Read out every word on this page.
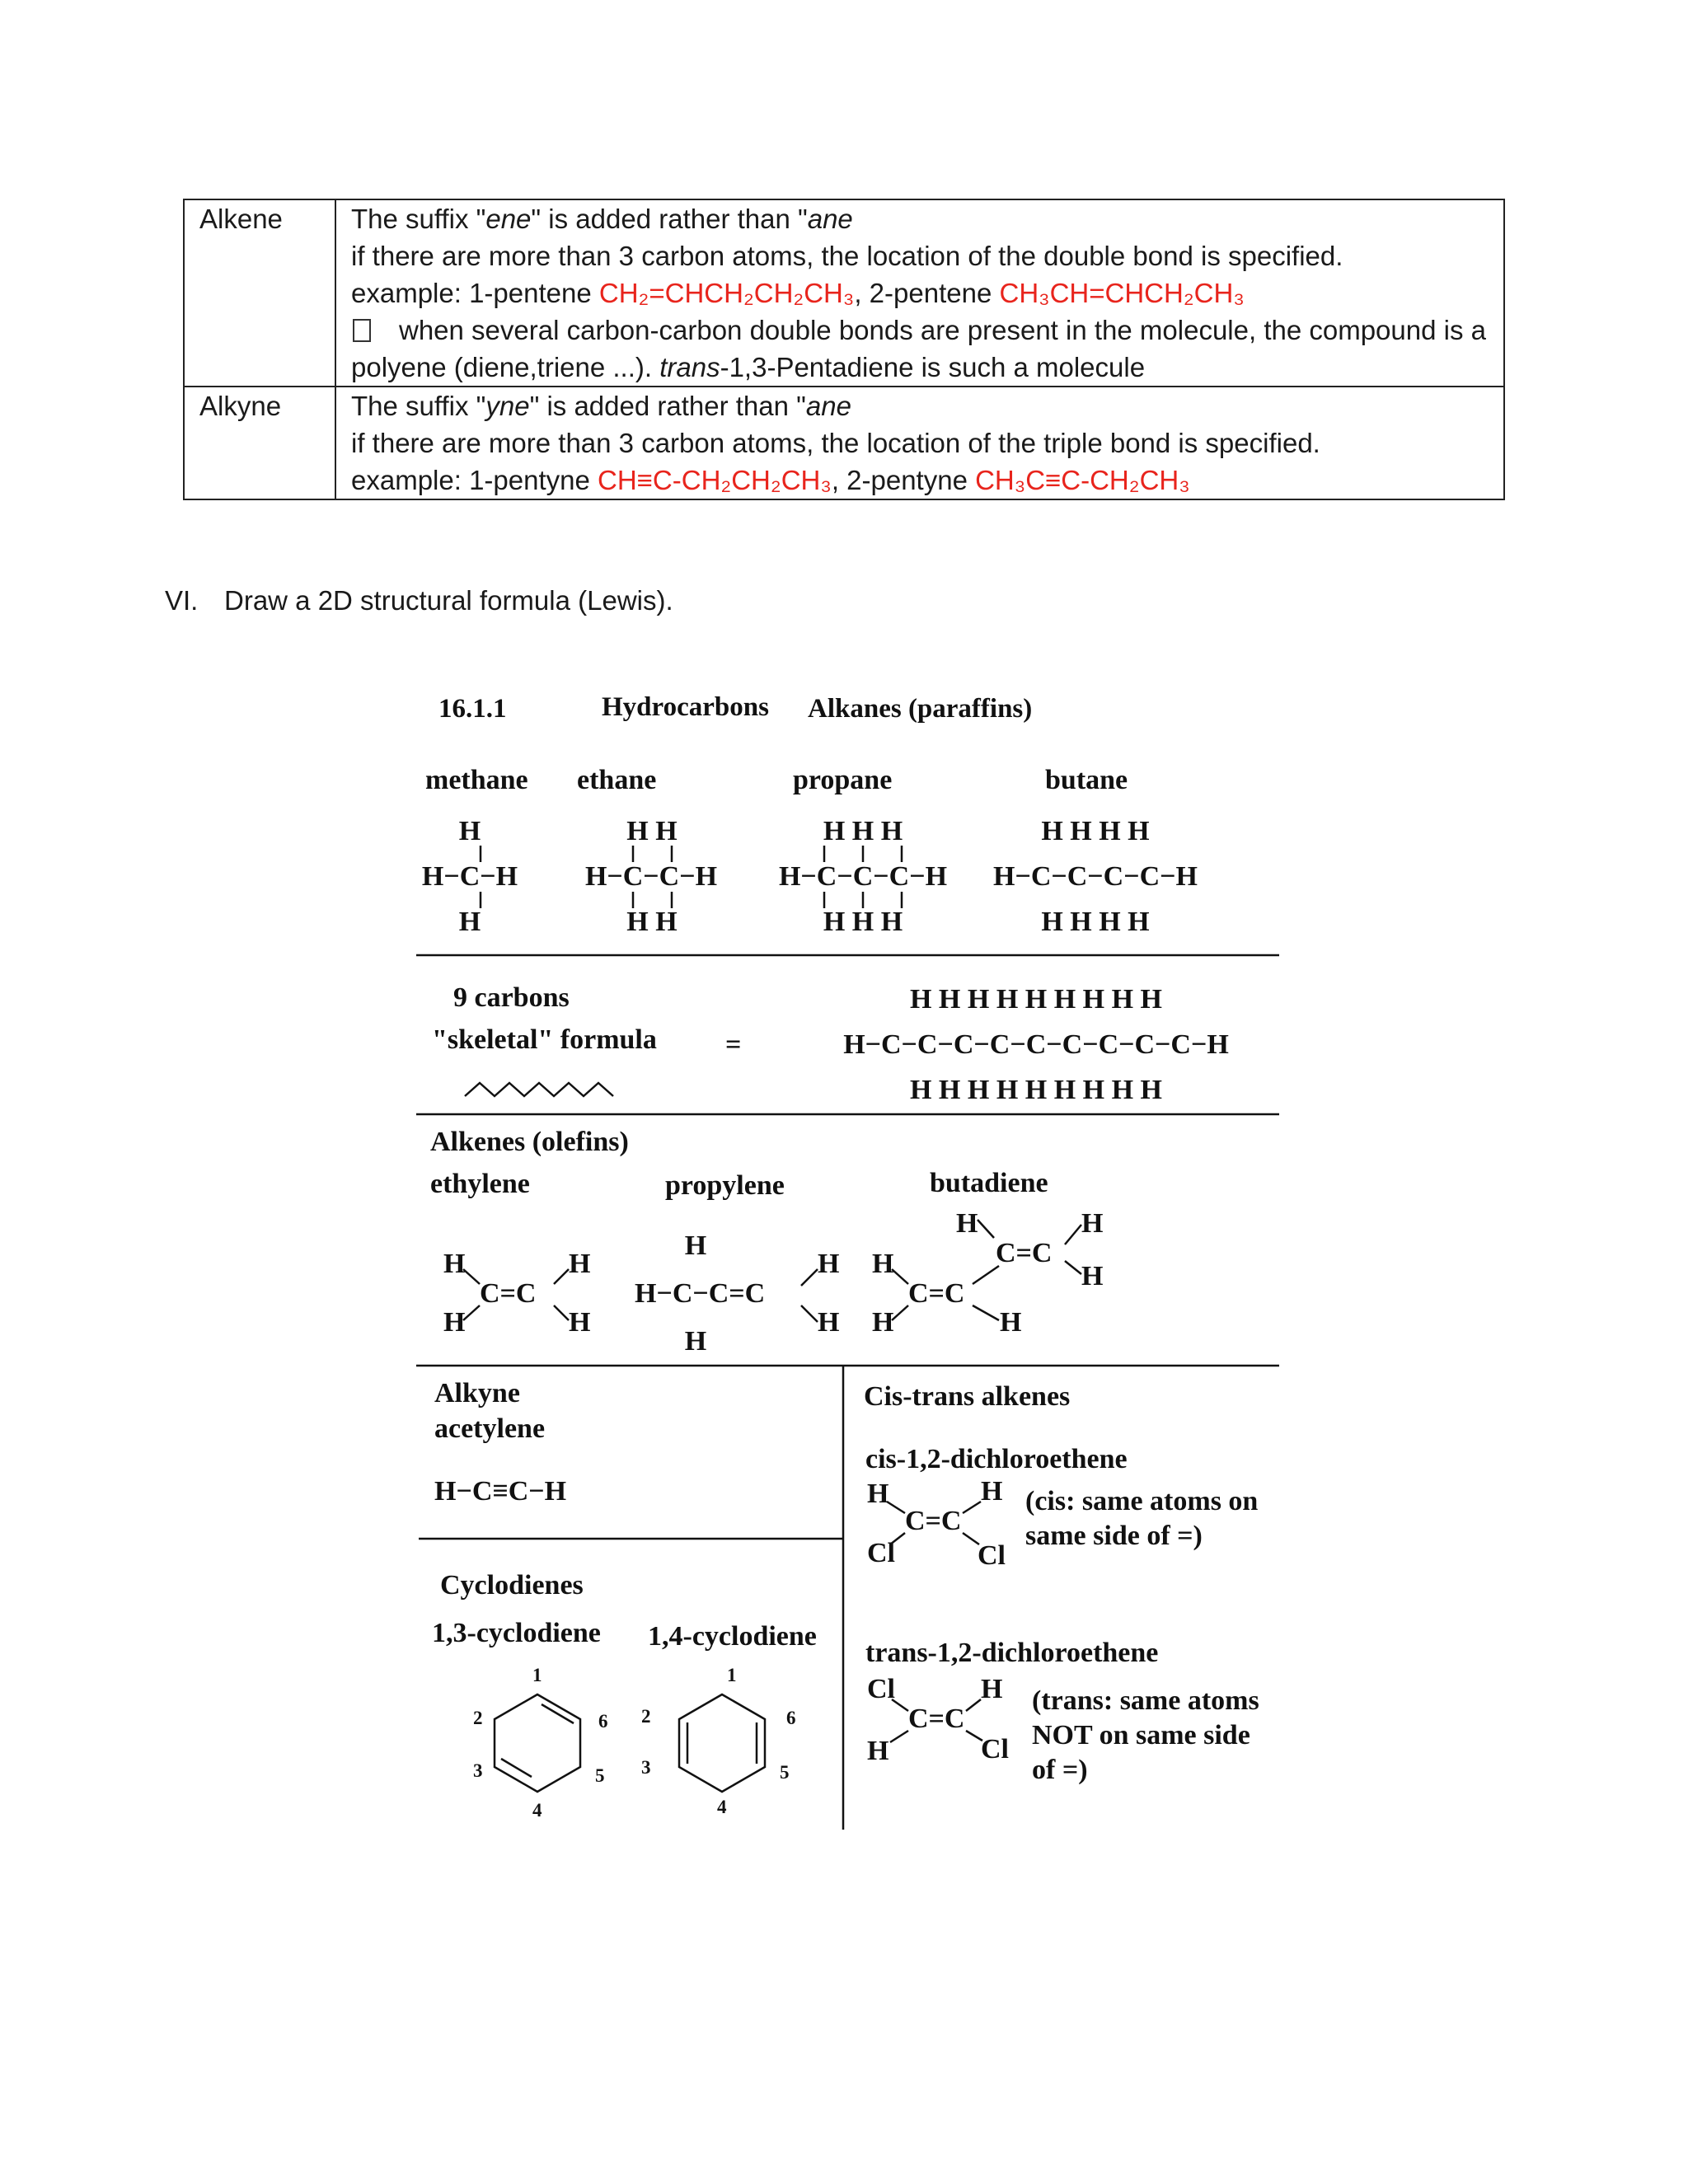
Alkene	The suffix "ene" is added rather than "ane
if there are more than 3 carbon atoms, the location of the double bond is specified.
example: 1-pentene CH₂=CHCH₂CH₂CH₃, 2-pentene CH₃CH=CHCH₂CH₃
when several carbon-carbon double bonds are present in the molecule, the compound is a
polyene (diene,triene ...). trans-1,3-Pentadiene is such a molecule

Alkyne	The suffix "yne" is added rather than "ane
if there are more than 3 carbon atoms, the location of the triple bond is specified.
example: 1-pentyne CH≡C-CH₂CH₂CH₃, 2-pentyne CH₃C≡C-CH₂CH₃
VI. Draw a 2D structural formula (Lewis).
16.1.1	Hydrocarbons Alkanes (paraffins)
methane ethane	propane	butane
H
H−C−H
H
H H
H−C−C−H
H H
H H H
H−C−C−C−H
H H H
H H H H
H−C−C−C−C−H
H H H H
9 carbons
"skeletal" formula =
H H H H H H H H H
H−C−C−C−C−C−C−C−C−C−H
H H H H H H H H H
Alkenes (olefins)
ethylene	propylene	butadiene
H
H
C=C
H
H
H
H−C−C=C
H
H
H
H
H
C=C
H
C=C
H
H
H
Alkyne
acetylene
H−C≡C−H
Cyclodienes
1,3-cyclodiene 1,4-cyclodiene
1
2
3
4
5
6
1
2
3
4
5
6
Cis-trans alkenes
cis-1,2-dichloroethene
H	H
C=C
Cl	Cl
(cis: same atoms on
same side of =)
trans-1,2-dichloroethene
Cl	H
C=C
H	Cl
(trans: same atoms
NOT on same side
of =)
